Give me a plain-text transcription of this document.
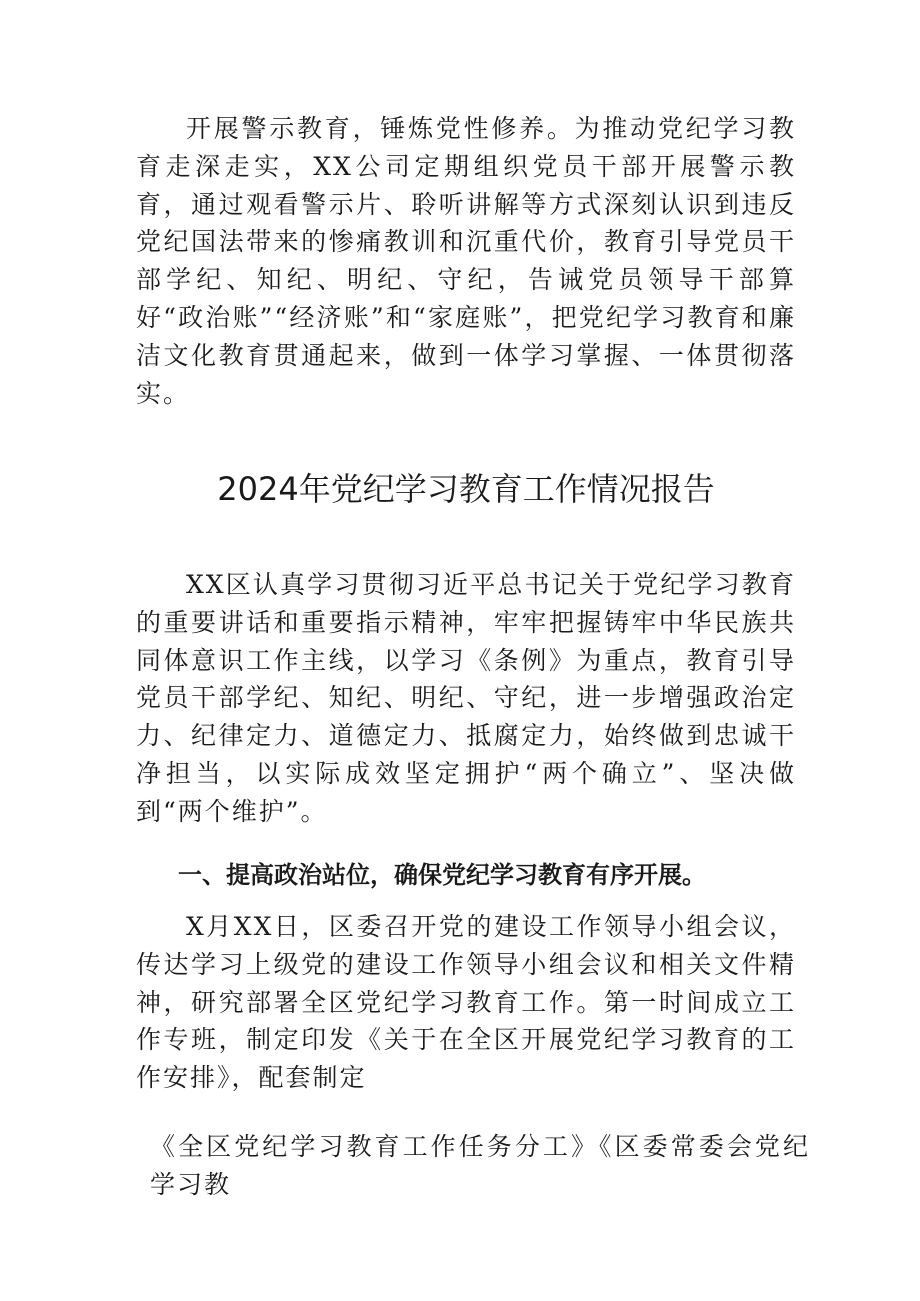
开展警示教育，锤炼党性修养。为推动党纪学习教育走深走实，XX公司定期组织党员干部开展警示教育，通过观看警示片、聆听讲解等方式深刻认识到违反党纪国法带来的惨痛教训和沉重代价，教育引导党员干部学纪、知纪、明纪、守纪，告诫党员领导干部算好“政治账”“经济账”和“家庭账”，把党纪学习教育和廉洁文化教育贯通起来，做到一体学习掌握、一体贯彻落实。

2024年党纪学习教育工作情况报告

XX区认真学习贯彻习近平总书记关于党纪学习教育的重要讲话和重要指示精神，牢牢把握铸牢中华民族共同体意识工作主线，以学习《条例》为重点，教育引导党员干部学纪、知纪、明纪、守纪，进一步增强政治定力、纪律定力、道德定力、抵腐定力，始终做到忠诚干净担当，以实际成效坚定拥护“两个确立”、坚决做到“两个维护”。

一、提高政治站位，确保党纪学习教育有序开展。

X月XX日，区委召开党的建设工作领导小组会议，传达学习上级党的建设工作领导小组会议和相关文件精神，研究部署全区党纪学习教育工作。第一时间成立工作专班，制定印发《关于在全区开展党纪学习教育的工作安排》，配套制定

《全区党纪学习教育工作任务分工》《区委常委会党纪学习教
